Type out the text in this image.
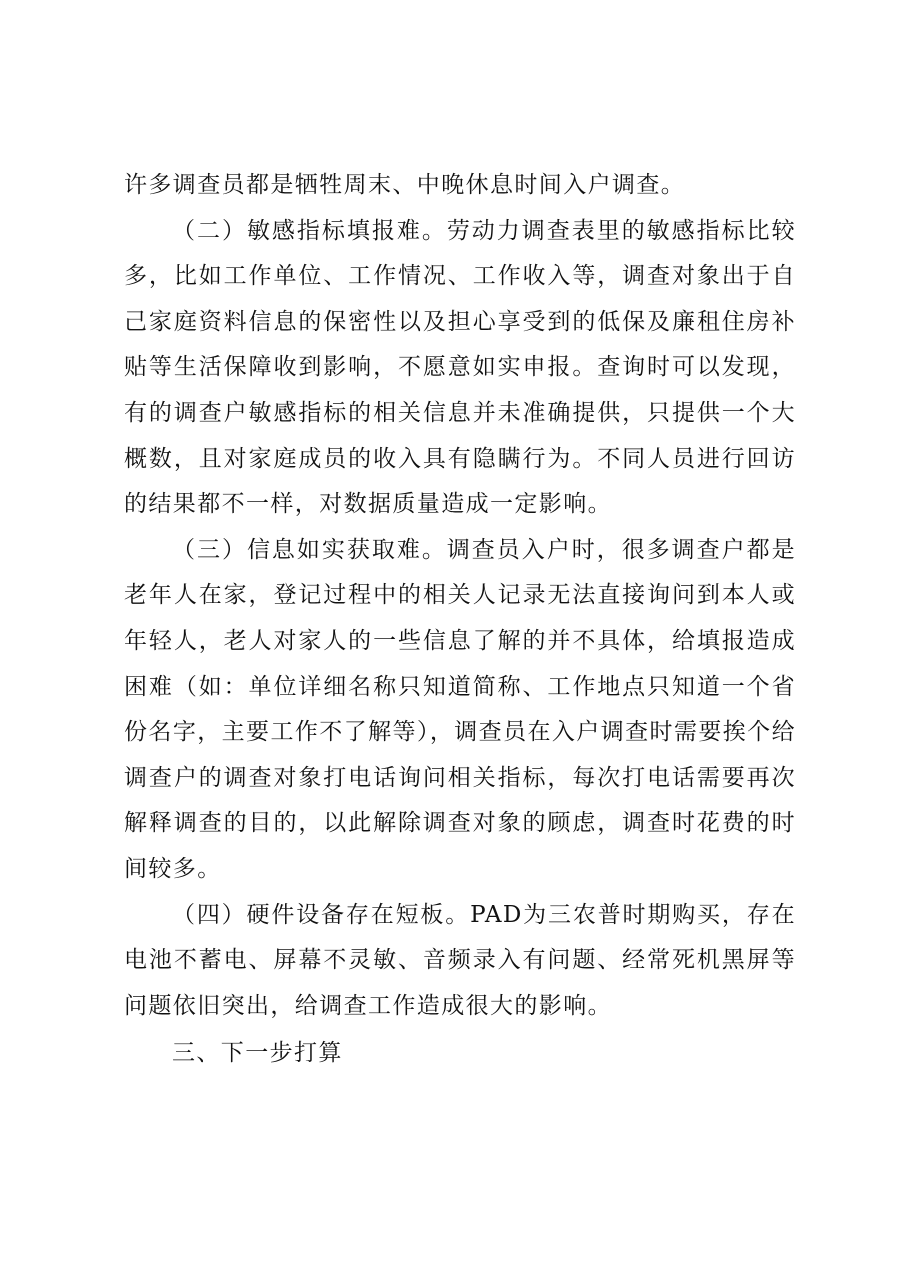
许多调查员都是牺牲周末、中晚休息时间入户调查。

（二）敏感指标填报难。劳动力调查表里的敏感指标比较多，比如工作单位、工作情况、工作收入等，调查对象出于自己家庭资料信息的保密性以及担心享受到的低保及廉租住房补贴等生活保障收到影响，不愿意如实申报。查询时可以发现，有的调查户敏感指标的相关信息并未准确提供，只提供一个大概数，且对家庭成员的收入具有隐瞒行为。不同人员进行回访的结果都不一样，对数据质量造成一定影响。

（三）信息如实获取难。调查员入户时，很多调查户都是老年人在家，登记过程中的相关人记录无法直接询问到本人或年轻人，老人对家人的一些信息了解的并不具体，给填报造成困难（如：单位详细名称只知道简称、工作地点只知道一个省份名字，主要工作不了解等），调查员在入户调查时需要挨个给调查户的调查对象打电话询问相关指标，每次打电话需要再次解释调查的目的，以此解除调查对象的顾虑，调查时花费的时间较多。

（四）硬件设备存在短板。PAD为三农普时期购买，存在电池不蓄电、屏幕不灵敏、音频录入有问题、经常死机黑屏等问题依旧突出，给调查工作造成很大的影响。

三、下一步打算
